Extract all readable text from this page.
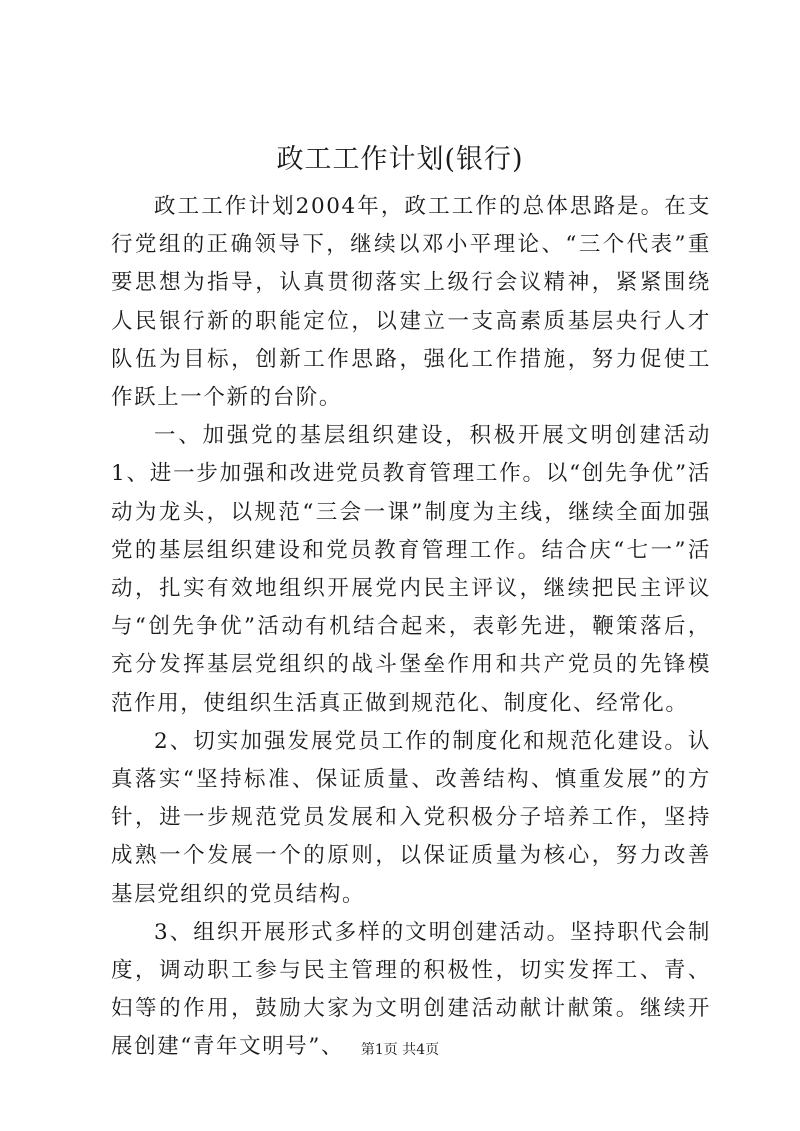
政工工作计划(银行)

政工工作计划2004年，政工工作的总体思路是。在支行党组的正确领导下，继续以邓小平理论、“三个代表”重要思想为指导，认真贯彻落实上级行会议精神，紧紧围绕人民银行新的职能定位，以建立一支高素质基层央行人才队伍为目标，创新工作思路，强化工作措施，努力促使工作跃上一个新的台阶。

一、加强党的基层组织建设，积极开展文明创建活动1、进一步加强和改进党员教育管理工作。以“创先争优”活动为龙头，以规范“三会一课”制度为主线，继续全面加强党的基层组织建设和党员教育管理工作。结合庆“七一”活动，扎实有效地组织开展党内民主评议，继续把民主评议与“创先争优”活动有机结合起来，表彰先进，鞭策落后，充分发挥基层党组织的战斗堡垒作用和共产党员的先锋模范作用，使组织生活真正做到规范化、制度化、经常化。

2、切实加强发展党员工作的制度化和规范化建设。认真落实“坚持标准、保证质量、改善结构、慎重发展”的方针，进一步规范党员发展和入党积极分子培养工作，坚持成熟一个发展一个的原则，以保证质量为核心，努力改善基层党组织的党员结构。

3、组织开展形式多样的文明创建活动。坚持职代会制度，调动职工参与民主管理的积极性，切实发挥工、青、妇等的作用，鼓励大家为文明创建活动献计献策。继续开展创建“青年文明号”、	第1页 共4页
